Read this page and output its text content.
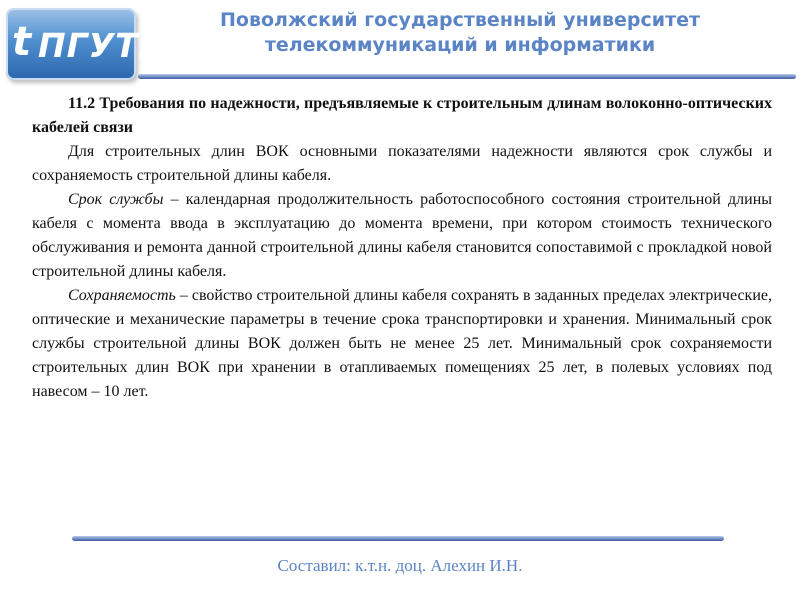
t ПГУТИ
Поволжский государственный университет
телекоммуникаций и информатики

11.2 Требования по надежности, предъявляемые к строительным длинам волоконно-оптических кабелей связи

Для строительных длин ВОК основными показателями надежности являются срок службы и сохраняемость строительной длины кабеля.

Срок службы – календарная продолжительность работоспособного состояния строительной длины кабеля с момента ввода в эксплуатацию до момента времени, при котором стоимость технического обслуживания и ремонта данной строительной длины кабеля становится сопоставимой с прокладкой новой строительной длины кабеля.

Сохраняемость – свойство строительной длины кабеля сохранять в заданных пределах электрические, оптические и механические параметры в течение срока транспортировки и хранения. Минимальный срок службы строительной длины ВОК должен быть не менее 25 лет. Минимальный срок сохраняемости строительных длин ВОК при хранении в отапливаемых помещениях 25 лет, в полевых условиях под навесом – 10 лет.

Составил: к.т.н. доц. Алехин И.Н.
